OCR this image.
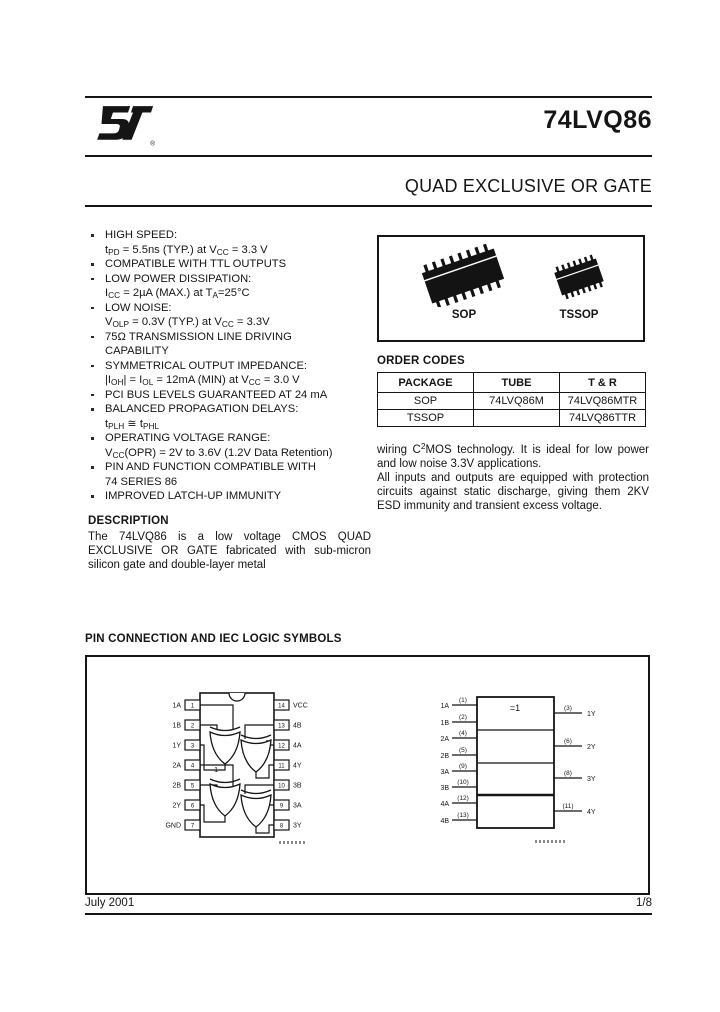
®
74LVQ86
QUAD EXCLUSIVE OR GATE
HIGH SPEED:
$t_{PD} = 5.5ns$ (TYP.) at $V_{CC} = 3.3$ V
COMPATIBLE WITH TTL OUTPUTS
LOW POWER DISSIPATION:
$I_{CC} = 2\mu A$ (MAX.) at $T_A=25^\circ C$
LOW NOISE:
$V_{OLP} = 0.3V$ (TYP.) at $V_{CC} = 3.3V$
75Ω TRANSMISSION LINE DRIVING
CAPABILITY
SYMMETRICAL OUTPUT IMPEDANCE:
$|I_{OH}| = I_{OL} = 12mA$ (MIN) at $V_{CC} = 3.0$ V
PCI BUS LEVELS GUARANTEED AT 24 mA
BALANCED PROPAGATION DELAYS:
$t_{PLH}$ ≅ $t_{PHL}$
OPERATING VOLTAGE RANGE:
$V_{CC}(OPR) = 2V$ to 3.6V (1.2V Data Retention)
PIN AND FUNCTION COMPATIBLE WITH
74 SERIES 86
IMPROVED LATCH-UP IMMUNITY
DESCRIPTION

The 74LVQ86 is a low voltage CMOS QUAD EXCLUSIVE OR GATE fabricated with sub-micron silicon gate and double-layer metal

wiring $C^2MOS$ technology. It is ideal for low power and low noise 3.3V applications.

All inputs and outputs are equipped with protection circuits against static discharge, giving them 2KV ESD immunity and transient excess voltage.

SOP	TSSOP
ORDER CODES
PACKAGE	TUBE	T & R
SOP	74LVQ86M	74LVQ86MTR
TSSOP		74LVQ86TTR
PIN CONNECTION AND IEC LOGIC SYMBOLS
1
2
3
4
5
6
7
14
13
12
11
10
9
8
1A
1B
1Y
2A
2B
2Y
GND
VCC
4B
4A
4Y
3B
3A
3Y
1
=1
(1)
(2)
(4)
(5)
(9)
(10)
(12)
(13)
1A
1B
2A
2B
3A
3B
4A
4B
(3)
(6)
(8)
(11)
1Y
2Y
3Y
4Y
July 2001	1/8
